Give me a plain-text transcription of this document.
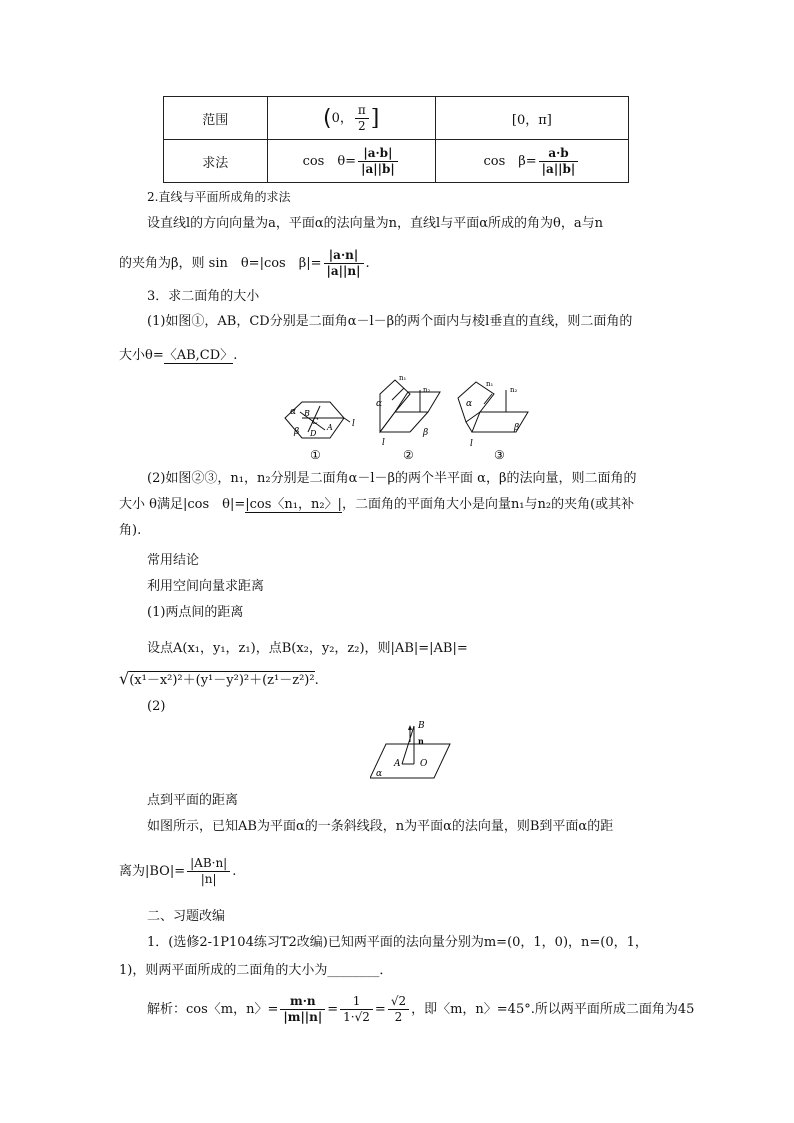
范围	(0， $\frac{\pi}{2}$ ]	[0，π]
求法	cos　$\theta= \frac{|a\cdot b|}{|a||b|}$	cos　$\beta= \frac{a\cdot b}{|a||b|}$
2.直线与平面所成角的求法
设直线l的方向向量为a，平面α的法向量为n，直线l与平面α所成的角为θ，a与n
的夹角为β，则 sin　θ=|cos　$\beta|= \frac{|a\cdot n|}{|a||n|}$ .
3．求二面角的大小
(1)如图①，AB，CD分别是二面角α－l－β的两个面内与棱l垂直的直线，则二面角的
大小θ=〈AB,CD〉.
α B
C
β D
A l
①
n₁
n₂
α
β
l
②
n₁
n₂
α
β
l
③
(2)如图②③，n₁，n₂分别是二面角α－l－β的两个半平面 α，β的法向量，则二面角的
大小 θ满足|cos　θ|=|cos〈n₁，n₂〉|，二面角的平面角大小是向量n₁与n₂的夹角(或其补
角).
常用结论
利用空间向量求距离
(1)两点间的距离
设点A(x₁，y₁，z₁)，点B(x₂，y₂，z₂)，则|AB|=|AB|=
√(x¹－x²)²＋(y¹－y²)²＋(z¹－z²)².
(2)
B
n
A O
α
点到平面的距离
如图所示，已知AB为平面α的一条斜线段，n为平面α的法向量，则B到平面α的距
离为$|BO|= \frac{|AB\cdot n|}{|n|}$ .
二、习题改编
1．(选修2-1P104练习T2改编)已知两平面的法向量分别为m=(0，1，0)，n=(0，1，
1)，则两平面所成的二面角的大小为________．
解析：cos〈m，n〉= $\frac{m\cdot n}{|m||n|} = \frac{1}{1\cdot√2} = \frac{√2}{2}$ ，即〈m，n〉=45°.所以两平面所成二面角为45
